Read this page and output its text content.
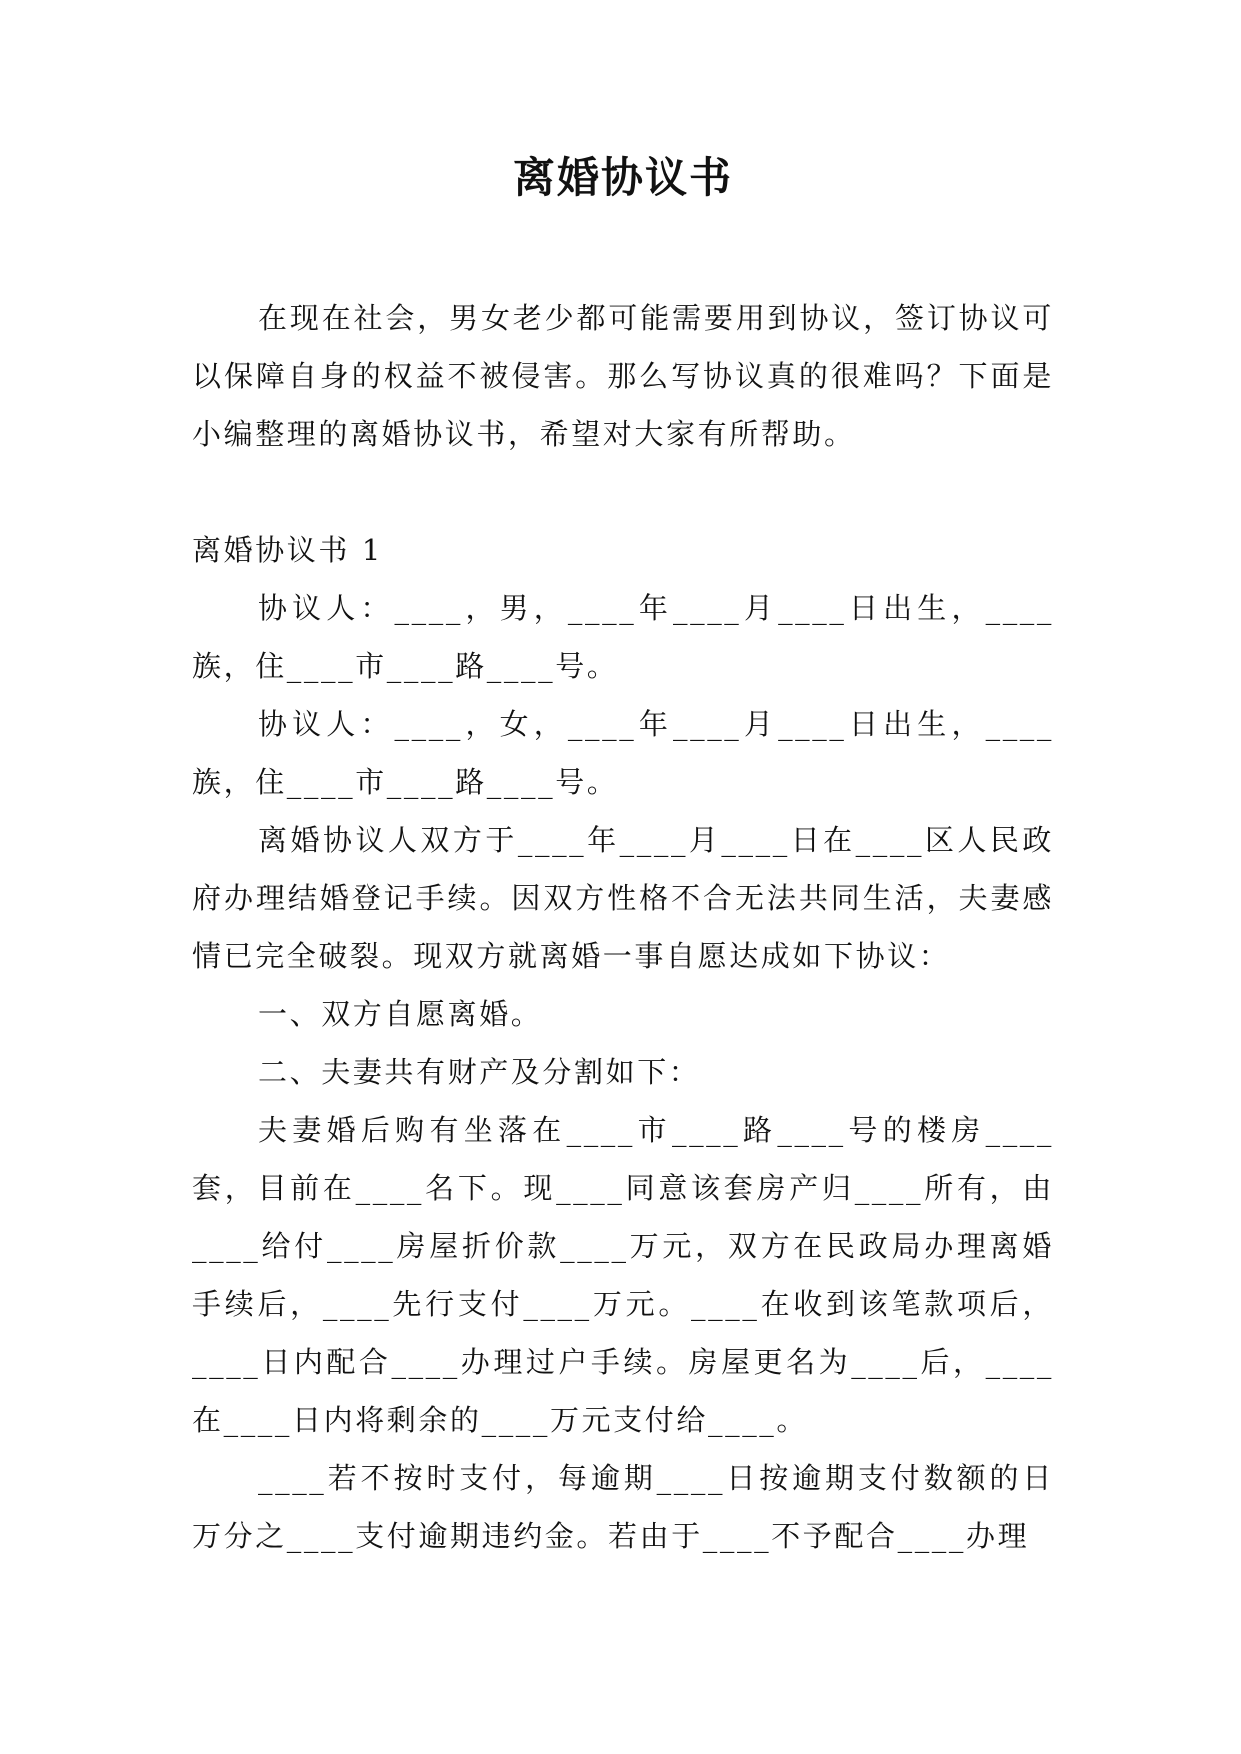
离婚协议书

在现在社会，男女老少都可能需要用到协议，签订协议可以保障自身的权益不被侵害。那么写协议真的很难吗？下面是小编整理的离婚协议书，希望对大家有所帮助。

离婚协议书 1

协议人：____，男，____年____月____日出生，____族，住____市____路____号。

协议人：____，女，____年____月____日出生，____族，住____市____路____号。

离婚协议人双方于____年____月____日在____区人民政府办理结婚登记手续。因双方性格不合无法共同生活，夫妻感情已完全破裂。现双方就离婚一事自愿达成如下协议：

一、双方自愿离婚。

二、夫妻共有财产及分割如下：

夫妻婚后购有坐落在____市____路____号的楼房____套，目前在____名下。现____同意该套房产归____所有，由____给付____房屋折价款____万元，双方在民政局办理离婚手续后，____先行支付____万元。____在收到该笔款项后，____日内配合____办理过户手续。房屋更名为____后，____在____日内将剩余的____万元支付给____。

____若不按时支付，每逾期____日按逾期支付数额的日万分之____支付逾期违约金。若由于____不予配合____办理
